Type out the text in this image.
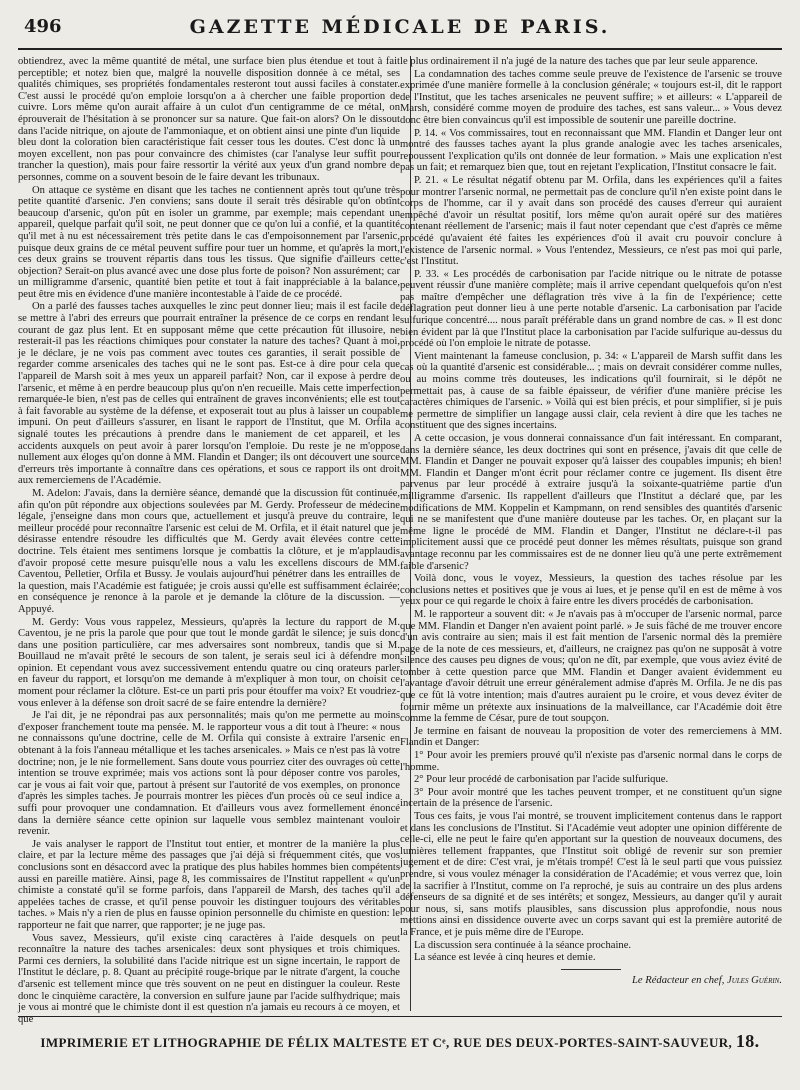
496	GAZETTE MÉDICALE DE PARIS.

obtiendrez, avec la même quantité de métal, une surface bien plus étendue et tout à fait perceptible; et notez bien que, malgré la nouvelle disposition donnée à ce métal, ses qualités chimiques, ses propriétés fondamentales resteront tout aussi faciles à constater. C'est aussi le procédé qu'on emploie lorsqu'on a à chercher une faible proportion de cuivre. Lors même qu'on aurait affaire à un culot d'un centigramme de ce métal, on éprouverait de l'hésitation à se prononcer sur sa nature. Que fait-on alors? On le dissout dans l'acide nitrique, on ajoute de l'ammoniaque, et on obtient ainsi une pinte d'un liquide bleu dont la coloration bien caractéristique fait cesser tous les doutes. C'est donc là un moyen excellent, non pas pour convaincre des chimistes (car l'analyse leur suffit pour trancher la question), mais pour faire ressortir la vérité aux yeux d'un grand nombre de personnes, comme on a souvent besoin de le faire devant les tribunaux.

On attaque ce système en disant que les taches ne contiennent après tout qu'une très petite quantité d'arsenic. J'en conviens; sans doute il serait très désirable qu'on obtînt beaucoup d'arsenic, qu'on pût en isoler un gramme, par exemple; mais cependant un appareil, quelque parfait qu'il soit, ne peut donner que ce qu'on lui a confié, et la quantité qu'il met à nu est nécessairement très petite dans le cas d'empoisonnement par l'arsenic, puisque deux grains de ce métal peuvent suffire pour tuer un homme, et qu'après la mort, ces deux grains se trouvent répartis dans tous les tissus. Que signifie d'ailleurs cette objection? Serait-on plus avancé avec une dose plus forte de poison? Non assurément; car un milligramme d'arsenic, quantité bien petite et tout à fait inappréciable à la balance, peut être mis en évidence d'une manière incontestable à l'aide de ce procédé.

On a parlé des fausses taches auxquelles le zinc peut donner lieu; mais il est facile de se mettre à l'abri des erreurs que pourrait entraîner la présence de ce corps en rendant le courant de gaz plus lent. Et en supposant même que cette précaution fût illusoire, ne resterait-il pas les réactions chimiques pour constater la nature des taches? Quant à moi, je le déclare, je ne vois pas comment avec toutes ces garanties, il serait possible de regarder comme arsenicales des taches qui ne le sont pas. Est-ce à dire pour cela que l'appareil de Marsh soit à mes yeux un appareil parfait? Non, car il expose à perdre de l'arsenic, et même à en perdre beaucoup plus qu'on n'en recueille. Mais cette imperfection remarquée-le bien, n'est pas de celles qui entraînent de graves inconvénients; elle est tout à fait favorable au système de la défense, et exposerait tout au plus à laisser un coupable impuni. On peut d'ailleurs s'assurer, en lisant le rapport de l'Institut, que M. Orfila a signalé toutes les précautions à prendre dans le maniement de cet appareil, et les accidents auxquels on peut avoir à parer lorsqu'on l'emploie. Du reste je ne m'oppose nullement aux éloges qu'on donne à MM. Flandin et Danger; ils ont découvert une source d'erreurs très importante à connaître dans ces opérations, et sous ce rapport ils ont droit aux remerciemens de l'Académie.

M. Adelon: J'avais, dans la dernière séance, demandé que la discussion fût continuée, afin qu'on pût répondre aux objections soulevées par M. Gerdy. Professeur de médecine légale, j'enseigne dans mon cours que, actuellement et jusqu'à preuve du contraire, le meilleur procédé pour reconnaître l'arsenic est celui de M. Orfila, et il était naturel que je désirasse entendre résoudre les difficultés que M. Gerdy avait élevées contre cette doctrine. Tels étaient mes sentimens lorsque je combattis la clôture, et je m'applaudis d'avoir proposé cette mesure puisqu'elle nous a valu les excellens discours de MM. Caventou, Pelletier, Orfila et Bussy. Je voulais aujourd'hui pénétrer dans les entrailles de la question, mais l'Académie est fatiguée; je crois aussi qu'elle est suffisamment éclairée; en conséquence je renonce à la parole et je demande la clôture de la discussion. — Appuyé.

M. Gerdy: Vous vous rappelez, Messieurs, qu'après la lecture du rapport de M. Caventou, je ne pris la parole que pour que tout le monde gardât le silence; je suis donc dans une position particulière, car mes adversaires sont nombreux, tandis que si M. Bouillaud ne m'avait prêté le secours de son talent, je serais seul ici à défendre mon opinion. Et cependant vous avez successivement entendu quatre ou cinq orateurs parler en faveur du rapport, et lorsqu'on me demande à m'expliquer à mon tour, on choisit ce moment pour réclamer la clôture. Est-ce un parti pris pour étouffer ma voix? Et voudriez-vous enlever à la défense son droit sacré de se faire entendre la dernière?

Je l'ai dit, je ne répondrai pas aux personnalités; mais qu'on me permette au moins d'exposer franchement toute ma pensée. M. le rapporteur vous a dit tout à l'heure: « nous ne connaissons qu'une doctrine, celle de M. Orfila qui consiste à extraire l'arsenic en obtenant à la fois l'anneau métallique et les taches arsenicales. » Mais ce n'est pas là votre doctrine; non, je le nie formellement. Sans doute vous pourriez citer des ouvrages où cette intention se trouve exprimée; mais vos actions sont là pour déposer contre vos paroles, car je vous ai fait voir que, partout à présent sur l'autorité de vos exemples, on prononce d'après les simples taches. Je pourrais montrer les pièces d'un procès où ce seul indice a suffi pour provoquer une condamnation. Et d'ailleurs vous avez formellement énoncé dans la dernière séance cette opinion sur laquelle vous semblez maintenant vouloir revenir.

Je vais analyser le rapport de l'Institut tout entier, et montrer de la manière la plus claire, et par la lecture même des passages que j'ai déjà si fréquemment cités, que vos conclusions sont en désaccord avec la pratique des plus habiles hommes bien compétents aussi en pareille matière. Ainsi, page 8, les commissaires de l'Institut rappellent « qu'un chimiste a constaté qu'il se forme parfois, dans l'appareil de Marsh, des taches qu'il a appelées taches de crasse, et qu'il pense pouvoir les distinguer toujours des véritables taches. » Mais n'y a rien de plus en fausse opinion personnelle du chimiste en question: le rapporteur ne fait que narrer, que rapporter; je ne juge pas.

Vous savez, Messieurs, qu'il existe cinq caractères à l'aide desquels on peut reconnaître la nature des taches arsenicales: deux sont physiques et trois chimiques. Parmi ces derniers, la solubilité dans l'acide nitrique est un signe incertain, le rapport de l'Institut le déclare, p. 8. Quant au précipité rouge-brique par le nitrate d'argent, la couche d'arsenic est tellement mince que très souvent on ne peut en distinguer la couleur. Reste donc le cinquième caractère, la conversion en sulfure jaune par l'acide sulfhydrique; mais je vous ai montré que le chimiste dont il est question n'a jamais eu recours à ce moyen, et que

le plus ordinairement il n'a jugé de la nature des taches que par leur seule apparence.

La condamnation des taches comme seule preuve de l'existence de l'arsenic se trouve exprimée d'une manière formelle à la conclusion générale; « toujours est-il, dit le rapport de l'Institut, que les taches arsenicales ne peuvent suffire; » et ailleurs: « L'appareil de Marsh, considéré comme moyen de produire des taches, est sans valeur... » Vous devez donc être bien convaincus qu'il est impossible de soutenir une pareille doctrine.

P. 14. « Vos commissaires, tout en reconnaissant que MM. Flandin et Danger leur ont montré des fausses taches ayant la plus grande analogie avec les taches arsenicales, repoussent l'explication qu'ils ont donnée de leur formation. » Mais une explication n'est pas un fait; et remarquez bien que, tout en rejetant l'explication, l'Institut consacre le fait.

P. 21. « Le résultat négatif obtenu par M. Orfila, dans les expériences qu'il a faites pour montrer l'arsenic normal, ne permettait pas de conclure qu'il n'en existe point dans le corps de l'homme, car il y avait dans son procédé des causes d'erreur qui auraient empêché d'avoir un résultat positif, lors même qu'on aurait opéré sur des matières contenant réellement de l'arsenic; mais il faut noter cependant que c'est d'après ce même procédé qu'avaient été faites les expériences d'où il avait cru pouvoir conclure à l'existence de l'arsenic normal. » Vous l'entendez, Messieurs, ce n'est pas moi qui parle, c'est l'Institut.

P. 33. « Les procédés de carbonisation par l'acide nitrique ou le nitrate de potasse peuvent réussir d'une manière complète; mais il arrive cependant quelquefois qu'on n'est pas maître d'empêcher une déflagration très vive à la fin de l'expérience; cette déflagration peut donner lieu à une perte notable d'arsenic. La carbonisation par l'acide sulfurique concentré.... nous paraît préférable dans un grand nombre de cas. » Il est donc bien évident par là que l'Institut place la carbonisation par l'acide sulfurique au-dessus du procédé où l'on emploie le nitrate de potasse.

Vient maintenant la fameuse conclusion, p. 34: « L'appareil de Marsh suffit dans les cas où la quantité d'arsenic est considérable... ; mais on devrait considérer comme nulles, ou au moins comme très douteuses, les indications qu'il fournirait, si le dépôt ne permettait pas, à cause de sa faible épaisseur, de vérifier d'une manière précise les caractères chimiques de l'arsenic. » Voilà qui est bien précis, et pour simplifier, si je puis me permettre de simplifier un langage aussi clair, cela revient à dire que les taches ne constituent que des signes incertains.

A cette occasion, je vous donnerai connaissance d'un fait intéressant. En comparant, dans la dernière séance, les deux doctrines qui sont en présence, j'avais dit que celle de MM. Flandin et Danger ne pouvait exposer qu'à laisser des coupables impunis; eh bien! MM. Flandin et Danger m'ont écrit pour réclamer contre ce jugement. Ils disent être parvenus par leur procédé à extraire jusqu'à la soixante-quatrième partie d'un milligramme d'arsenic. Ils rappellent d'ailleurs que l'Institut a déclaré que, par les modifications de MM. Koppelin et Kampmann, on rend sensibles des quantités d'arsenic qui ne se manifestent que d'une manière douteuse par les taches. Or, en plaçant sur la même ligne le procédé de MM. Flandin et Danger, l'Institut ne déclare-t-il pas implicitement aussi que ce procédé peut donner les mêmes résultats, puisque son grand avantage reconnu par les commissaires est de ne donner lieu qu'à une perte extrêmement faible d'arsenic?

Voilà donc, vous le voyez, Messieurs, la question des taches résolue par les conclusions nettes et positives que je vous ai lues, et je pense qu'il en est de même à vos yeux pour ce qui regarde le choix à faire entre les divers procédés de carbonisation.

M. le rapporteur a souvent dit: « Je n'avais pas à m'occuper de l'arsenic normal, parce que MM. Flandin et Danger n'en avaient point parlé. » Je suis fâché de me trouver encore d'un avis contraire au sien; mais il est fait mention de l'arsenic normal dès la première page de la note de ces messieurs, et, d'ailleurs, ne craignez pas qu'on ne supposât à votre silence des causes peu dignes de vous; qu'on ne dît, par exemple, que vous aviez évité de tomber à cette question parce que MM. Flandin et Danger avaient évidemment eu l'avantage d'avoir détruit une erreur généralement admise d'après M. Orfila. Je ne dis pas que ce fût là votre intention; mais d'autres auraient pu le croire, et vous devez éviter de fournir même un prétexte aux insinuations de la malveillance, car l'Académie doit être comme la femme de César, pure de tout soupçon.

Je termine en faisant de nouveau la proposition de voter des remerciemens à MM. Flandin et Danger:

1° Pour avoir les premiers prouvé qu'il n'existe pas d'arsenic normal dans le corps de l'homme.

2° Pour leur procédé de carbonisation par l'acide sulfurique.

3° Pour avoir montré que les taches peuvent tromper, et ne constituent qu'un signe incertain de la présence de l'arsenic.

Tous ces faits, je vous l'ai montré, se trouvent implicitement contenus dans le rapport et dans les conclusions de l'Institut. Si l'Académie veut adopter une opinion différente de celle-ci, elle ne peut le faire qu'en apportant sur la question de nouveaux documens, des lumières tellement frappantes, que l'Institut soit obligé de revenir sur son premier jugement et de dire: C'est vrai, je m'étais trompé! C'est là le seul parti que vous puissiez prendre, si vous voulez ménager la considération de l'Académie; et vous verrez que, loin de la sacrifier à l'Institut, comme on l'a reproché, je suis au contraire un des plus ardens défenseurs de sa dignité et de ses intérêts; et songez, Messieurs, au danger qu'il y aurait pour nous, si, sans motifs plausibles, sans discussion plus approfondie, nous nous mettions ainsi en dissidence ouverte avec un corps savant qui est la première autorité de la France, et je puis même dire de l'Europe.

La discussion sera continuée à la séance prochaine.

La séance est levée à cinq heures et demie.

Le Rédacteur en chef, Jules Guérin.

IMPRIMERIE ET LITHOGRAPHIE DE FÉLIX MALTESTE ET Cᵉ, RUE DES DEUX-PORTES-SAINT-SAUVEUR, 18.
